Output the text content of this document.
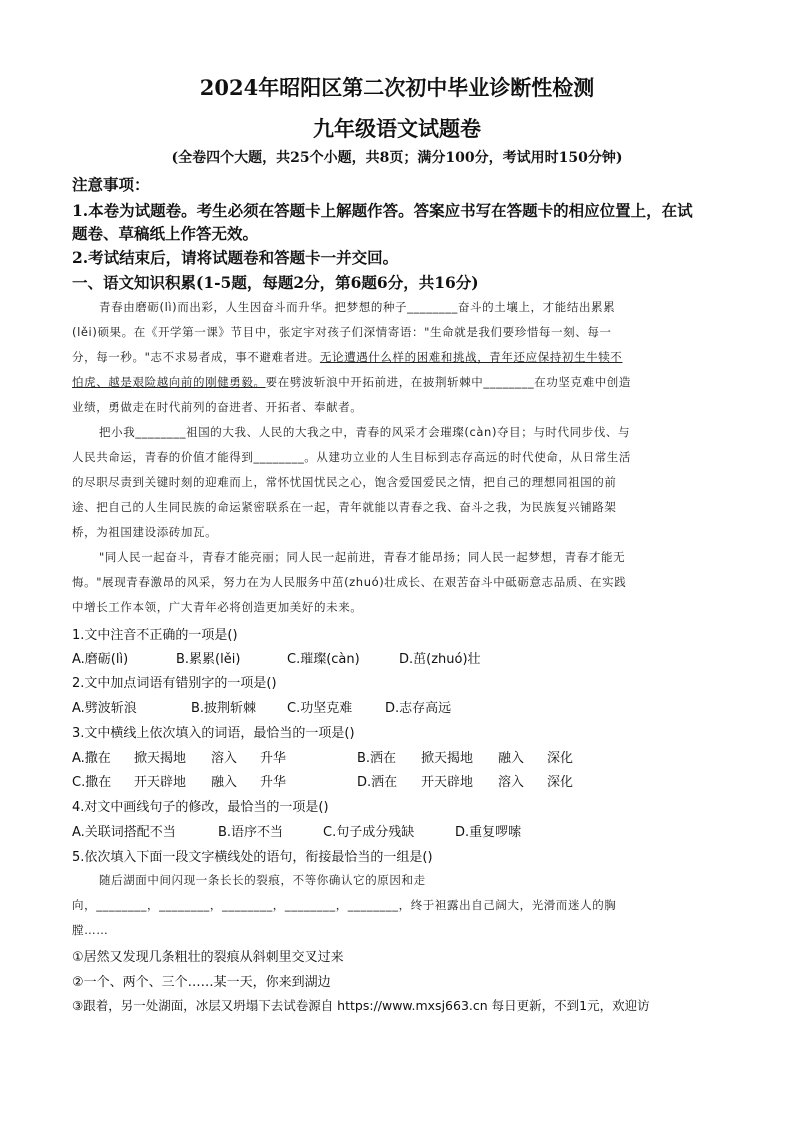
2024年昭阳区第二次初中毕业诊断性检测
九年级语文试题卷
(全卷四个大题，共25个小题，共8页；满分100分，考试用时150分钟)
注意事项：
1.本卷为试题卷。考生必须在答题卡上解题作答。答案应书写在答题卡的相应位置上，在试
题卷、草稿纸上作答无效。
2.考试结束后，请将试题卷和答题卡一并交回。
一、语文知识积累(1-5题，每题2分，第6题6分，共16分)
青春由磨砺(lì)而出彩，人生因奋斗而升华。把梦想的种子________奋斗的土壤上，才能结出累累
(lěi)硕果。在《开学第一课》节目中，张定宇对孩子们深情寄语："生命就是我们要珍惜每一刻、每一
分，每一秒。"志不求易者成，事不避难者进。无论遭遇什么样的困难和挑战，青年还应保持初生牛犊不
怕虎、越是艰险越向前的刚健勇毅。要在劈波斩浪中开拓前进，在披荆斩棘中________在功坚克难中创造
业绩，勇做走在时代前列的奋进者、开拓者、奉献者。
把小我________祖国的大我、人民的大我之中，青春的风采才会璀璨(càn)夺目；与时代同步伐、与
人民共命运，青春的价值才能得到________。从建功立业的人生目标到志存高远的时代使命，从日常生活
的尽职尽责到关键时刻的迎难而上，常怀忧国忧民之心，饱含爱国爱民之情，把自己的理想同祖国的前
途、把自己的人生同民族的命运紧密联系在一起，青年就能以青春之我、奋斗之我，为民族复兴铺路架
桥，为祖国建设添砖加瓦。
"同人民一起奋斗，青春才能亮丽；同人民一起前进，青春才能昂扬；同人民一起梦想，青春才能无
悔。"展现青春激昂的风采，努力在为人民服务中茁(zhuó)壮成长、在艰苦奋斗中砥砺意志品质、在实践
中增长工作本领，广大青年必将创造更加美好的未来。
1.文中注音不正确的一项是()
A.磨砺(lì)	B.累累(lěi)	C.璀璨(càn)	D.茁(zhuó)壮
2.文中加点词语有错别字的一项是()
A.劈波斩浪	B.披荆斩棘 C.功坚克难	D.志存高远
3.文中横线上依次填入的词语，最恰当的一项是()
A.撒在 掀天揭地 溶入 升华	B.洒在 掀天揭地 融入 深化
C.撒在 开天辟地 融入 升华	D.洒在 开天辟地 溶入 深化
4.对文中画线句子的修改，最恰当的一项是()
A.关联词搭配不当	B.语序不当	C.句子成分残缺	D.重复啰嗦
5.依次填入下面一段文字横线处的语句，衔接最恰当的一组是()
随后湖面中间闪现一条长长的裂痕，不等你确认它的原因和走
向，________，________，________，________，________，终于袒露出自己阔大，光滑而迷人的胸
膛……
①居然又发现几条粗壮的裂痕从斜刺里交叉过来
②一个、两个、三个……某一天，你来到湖边
③跟着，另一处湖面，冰层又坍塌下去试卷源自 https://www.mxsj663.cn 每日更新，不到1元，欢迎访
